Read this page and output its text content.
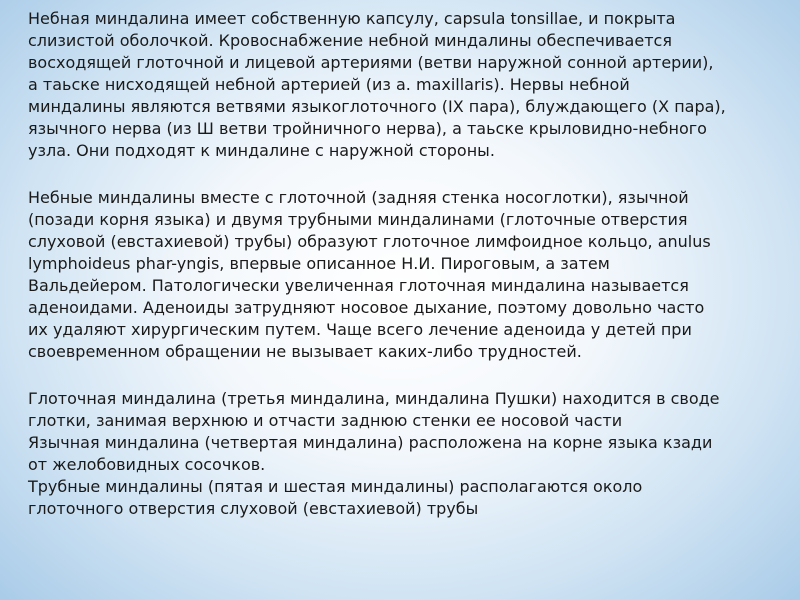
Небная миндалина имеет собственную капсулу, capsula tonsillae, и покрыта

слизистой оболочкой. Кровоснабжение небной миндалины обеспечивается

восходящей глоточной и лицевой артериями (ветви наружной сонной артерии),

а таьске нисходящей небной артерией (из a. maxillaris). Нервы небной

миндалины являются ветвями языкоглоточного (IX пара), блуждающего (X пара),

язычного нерва (из Ш ветви тройничного нерва), а таьске крыловидно-небного

узла. Они подходят к миндалине с наружной стороны.

Небные миндалины вместе с глоточной (задняя стенка носоглотки), язычной

(позади корня языка) и двумя трубными миндалинами (глоточные отверстия

слуховой (евстахиевой) трубы) образуют глоточное лимфоидное кольцо, anulus

lymphoideus phar-yngis, впервые описанное Н.И. Пироговым, а затем

Вальдейером. Патологически увеличенная глоточная миндалина называется

аденоидами. Аденоиды затрудняют носовое дыхание, поэтому довольно часто

их удаляют хирургическим путем. Чаще всего лечение аденоида у детей при

своевременном обращении не вызывает каких-либо трудностей.

Глоточная миндалина (третья миндалина, миндалина Пушки) находится в своде

глотки, занимая верхнюю и отчасти заднюю стенки ее носовой части

Язычная миндалина (четвертая миндалина) расположена на корне языка кзади

от желобовидных сосочков.

Трубные миндалины (пятая и шестая миндалины) располагаются около

глоточного отверстия слуховой (евстахиевой) трубы
